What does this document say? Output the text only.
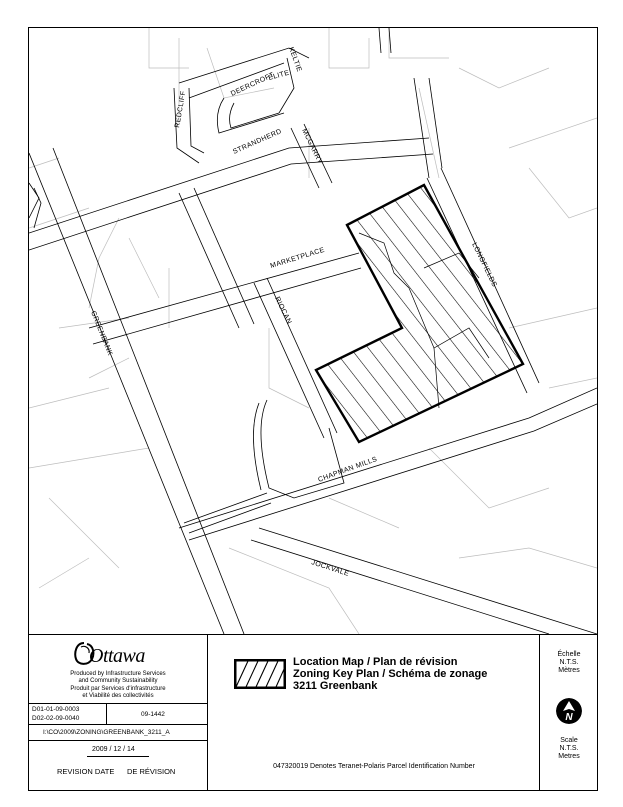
REDCLIFF
DEERCROFT
KELTIE
ELITE
STRANDHERD MCGARRY
MARKETPLACE	LONGFIELDS
GREENBANK	RIOCAN
CHAPMAN MILLS
JOCKVALE
Ottawa
Produced by Infrastructure Services
and Community Sustainability
Produit par Services d'infrastructure
et Viabilité des collectivités
D01-01-09-0003
D02-02-09-0040
09-1442
I:\CO\2009\ZONING\GREENBANK_3211_A
2009 / 12 / 14
REVISION DATE DE RÉVISION
Location Map / Plan de révision
Zoning Key Plan / Schéma de zonage
3211 Greenbank
047320019 Denotes Teranet-Polaris Parcel Identification Number
Échelle
N.T.S.
Mètres
N
Scale
N.T.S.
Metres
